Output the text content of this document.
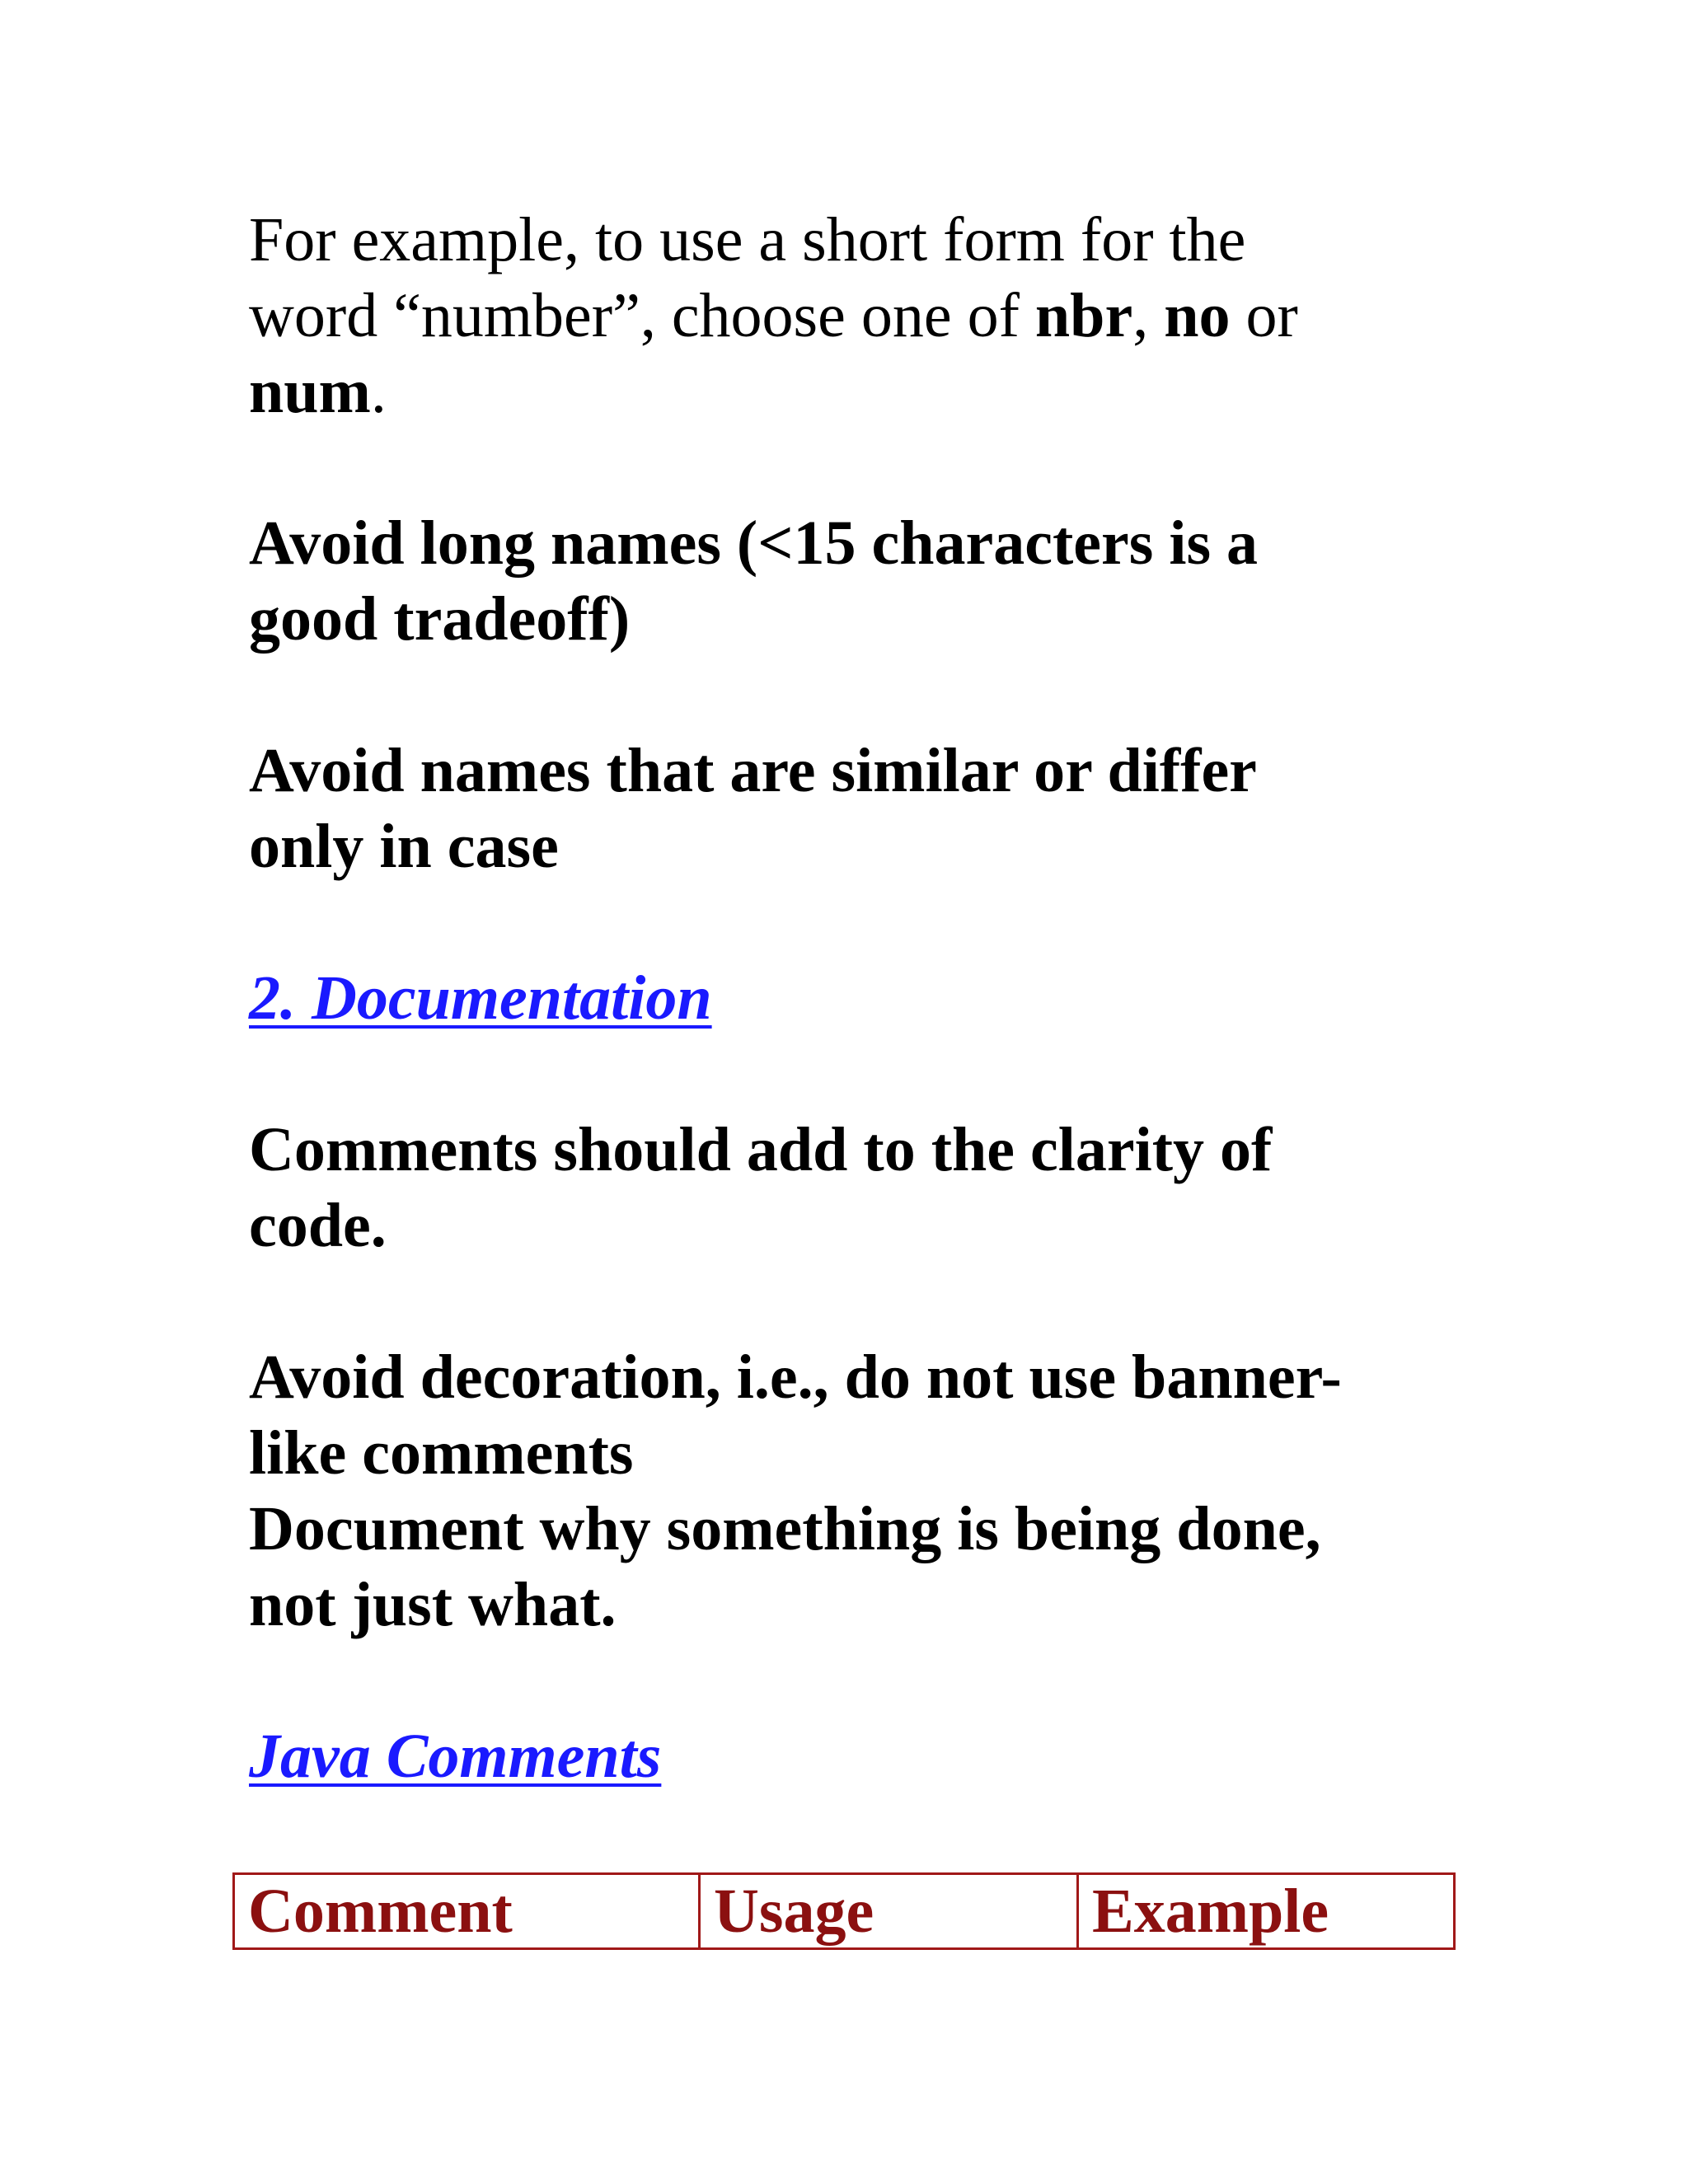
For example, to use a short form for the

word “number”, choose one of nbr, no or

num.

Avoid long names (<15 characters is a

good tradeoff)

Avoid names that are similar or differ

only in case

2. Documentation

Comments should add to the clarity of

code.

Avoid decoration, i.e., do not use banner-

like comments

Document why something is being done,

not just what.

Java Comments

Comment	Usage	Example
